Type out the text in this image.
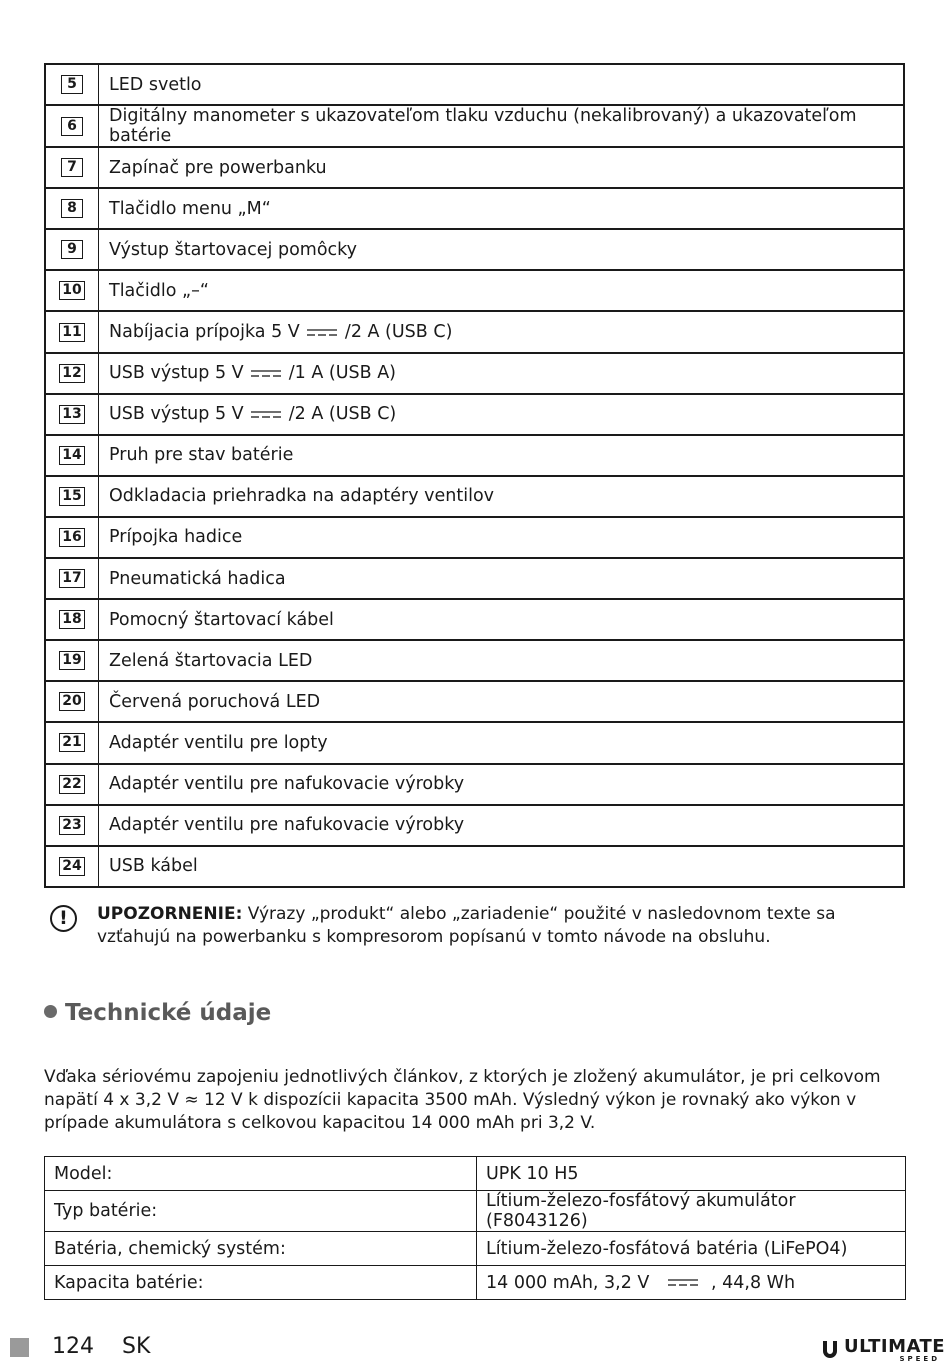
5	LED svetlo
6	Digitálny manometer s ukazovateľom tlaku vzduchu (nekalibrovaný) a ukazovateľom batérie
7	Zapínač pre powerbanku
8	Tlačidlo menu „M“
9	Výstup štartovacej pomôcky
10	Tlačidlo „–“
11	Nabíjacia prípojka 5 V /2 A (USB C)
12	USB výstup 5 V /1 A (USB A)
13	USB výstup 5 V /2 A (USB C)
14	Pruh pre stav batérie
15	Odkladacia priehradka na adaptéry ventilov
16	Prípojka hadice
17	Pneumatická hadica
18	Pomocný štartovací kábel
19	Zelená štartovacia LED
20	Červená poruchová LED
21	Adaptér ventilu pre lopty
22	Adaptér ventilu pre nafukovacie výrobky
23	Adaptér ventilu pre nafukovacie výrobky
24	USB kábel
!	UPOZORNENIE: Výrazy „produkt“ alebo „zariadenie“ použité v nasledovnom texte sa vzťahujú na powerbanku s kompresorom popísanú v tomto návode na obsluhu.
Technické údaje
Vďaka sériovému zapojeniu jednotlivých článkov, z ktorých je zložený akumulátor, je pri celkovom napätí 4 x 3,2 V ≈ 12 V k dispozícii kapacita 3500 mAh. Výsledný výkon je rovnaký ako výkon v prípade akumulátora s celkovou kapacitou 14 000 mAh pri 3,2 V.
Model:	UPK 10 H5
Typ batérie:	Lítium-železo-fosfátový akumulátor (F8043126)
Batéria, chemický systém:	Lítium-železo-fosfátová batéria (LiFePO4)
Kapacita batérie:	14 000 mAh, 3,2 V , 44,8 Wh
124 SK	ULTIMATE
SPEED
